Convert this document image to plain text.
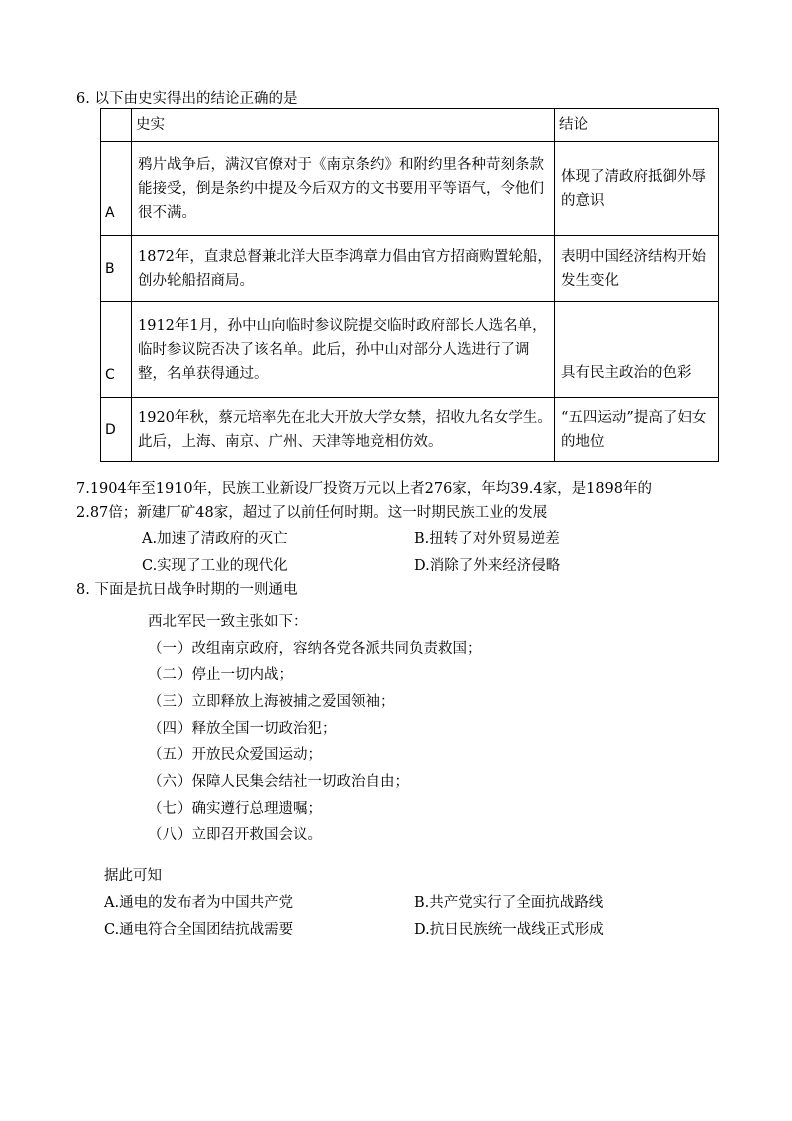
6. 以下由史实得出的结论正确的是
	史实	结论
A	鸦片战争后，满汉官僚对于《南京条约》和附约里各种苛刻条款能接受，倒是条约中提及今后双方的文书要用平等语气，令他们很不满。	体现了清政府抵御外辱的意识
B	1872年，直隶总督兼北洋大臣李鸿章力倡由官方招商购置轮船，创办轮船招商局。	表明中国经济结构开始发生变化
C	1912年1月，孙中山向临时参议院提交临时政府部长人选名单，临时参议院否决了该名单。此后，孙中山对部分人选进行了调整，名单获得通过。	具有民主政治的色彩
D	1920年秋，蔡元培率先在北大开放大学女禁，招收九名女学生。此后，上海、南京、广州、天津等地竞相仿效。	“五四运动”提高了妇女的地位
7.1904年至1910年，民族工业新设厂投资万元以上者276家，年均39.4家，是1898年的
2.87倍；新建厂矿48家，超过了以前任何时期。这一时期民族工业的发展
A.加速了清政府的灭亡	B.扭转了对外贸易逆差
C.实现了工业的现代化	D.消除了外来经济侵略
8. 下面是抗日战争时期的一则通电
西北军民一致主张如下：
（一）改组南京政府，容纳各党各派共同负责救国；
（二）停止一切内战；
（三）立即释放上海被捕之爱国领袖；
（四）释放全国一切政治犯；
（五）开放民众爱国运动；
（六）保障人民集会结社一切政治自由；
（七）确实遵行总理遗嘱；
（八）立即召开救国会议。
据此可知
A.通电的发布者为中国共产党	B.共产党实行了全面抗战路线
C.通电符合全国团结抗战需要	D.抗日民族统一战线正式形成
